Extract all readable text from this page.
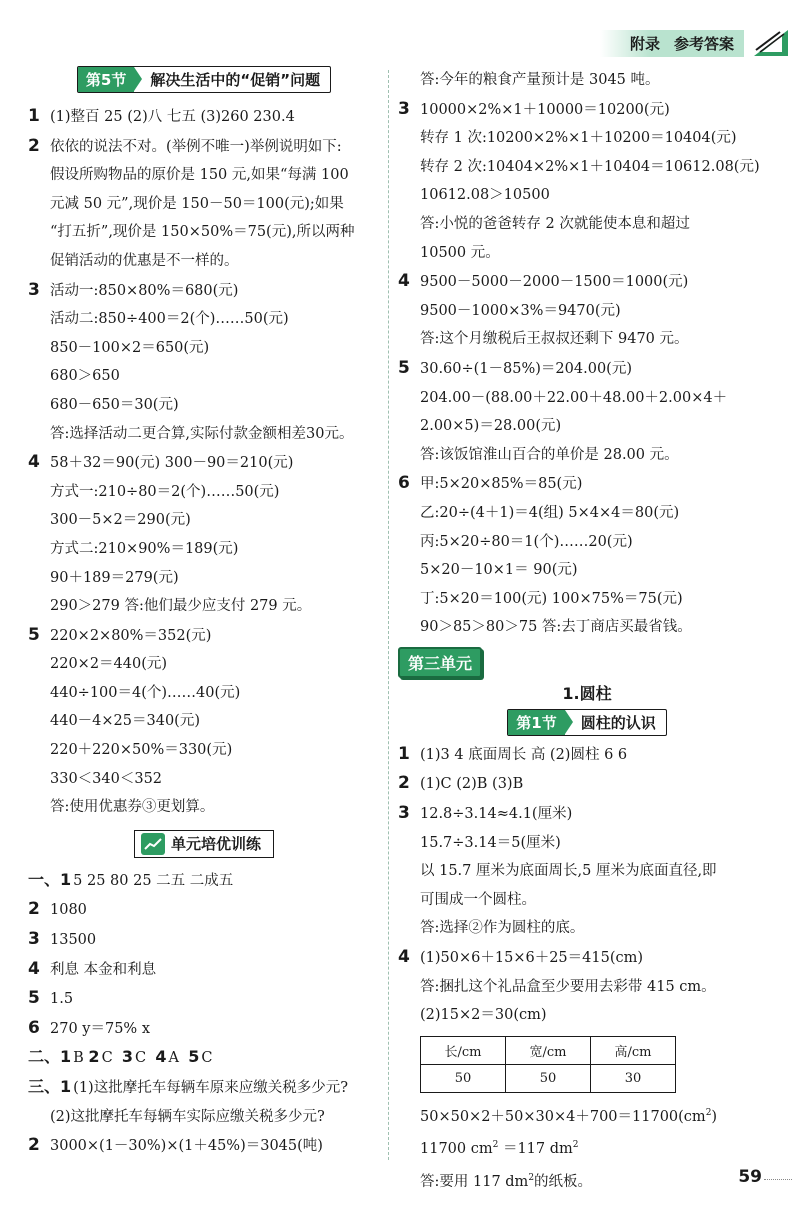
附录 参考答案
第5节	解决生活中的“促销”问题
1 (1)整百 25 (2)八 七五 (3)260 230.4
2 依依的说法不对。(举例不唯一)举例说明如下:
假设所购物品的原价是 150 元,如果“每满 100
元减 50 元”,现价是 150－50＝100(元);如果
“打五折”,现价是 150×50%＝75(元),所以两种
促销活动的优惠是不一样的。
3 活动一:850×80%＝680(元)
活动二:850÷400＝2(个)……50(元)
850－100×2＝650(元)
680＞650
680－650＝30(元)
答:选择活动二更合算,实际付款金额相差30元。
4 58＋32＝90(元) 300－90＝210(元)
方式一:210÷80＝2(个)……50(元)
300－5×2＝290(元)
方式二:210×90%＝189(元)
90＋189＝279(元)
290＞279 答:他们最少应支付 279 元。
5 220×2×80%＝352(元)
220×2＝440(元)
440÷100＝4(个)……40(元)
440－4×25＝340(元)
220＋220×50%＝330(元)
330＜340＜352
答:使用优惠券③更划算。
单元培优训练
一、1 5 25 80 25 二五 二成五
2 1080
3 13500
4 利息 本金和利息
5 1.5
6 270 y＝75% x
二、1 B 2 C  3 C  4 A  5 C
三、1 (1)这批摩托车每辆车原来应缴关税多少元?
(2)这批摩托车每辆车实际应缴关税多少元?
2 3000×(1－30%)×(1＋45%)＝3045(吨)
答:今年的粮食产量预计是 3045 吨。
3 10000×2%×1＋10000＝10200(元)
转存 1 次:10200×2%×1＋10200＝10404(元)
转存 2 次:10404×2%×1＋10404＝10612.08(元)
10612.08＞10500
答:小悦的爸爸转存 2 次就能使本息和超过
10500 元。
4 9500－5000－2000－1500＝1000(元)
9500－1000×3%＝9470(元)
答:这个月缴税后王叔叔还剩下 9470 元。
5 30.60÷(1－85%)＝204.00(元)
204.00－(88.00＋22.00＋48.00＋2.00×4＋
2.00×5)＝28.00(元)
答:该饭馆淮山百合的单价是 28.00 元。
6 甲:5×20×85%＝85(元)
乙:20÷(4＋1)＝4(组) 5×4×4＝80(元)
丙:5×20÷80＝1(个)……20(元)
5×20－10×1＝ 90(元)
丁:5×20＝100(元) 100×75%＝75(元)
90＞85＞80＞75 答:去丁商店买最省钱。
第三单元
1.圆柱
第1节	圆柱的认识
1 (1)3 4 底面周长 高 (2)圆柱 6 6
2 (1)C (2)B (3)B
3 12.8÷3.14≈4.1(厘米)
15.7÷3.14＝5(厘米)
以 15.7 厘米为底面周长,5 厘米为底面直径,即
可围成一个圆柱。
答:选择②作为圆柱的底。
4 (1)50×6＋15×6＋25＝415(cm)
答:捆扎这个礼品盒至少要用去彩带 415 cm。
(2)15×2＝30(cm)
长/cm	宽/cm	高/cm
50	50	30
$50\times 50\times 2+50\times 30\times 4+700=11700(cm^2)$
11700 $cm^2 =117$ $dm^2$
答:要用 117 $dm^2$的纸板。	59
